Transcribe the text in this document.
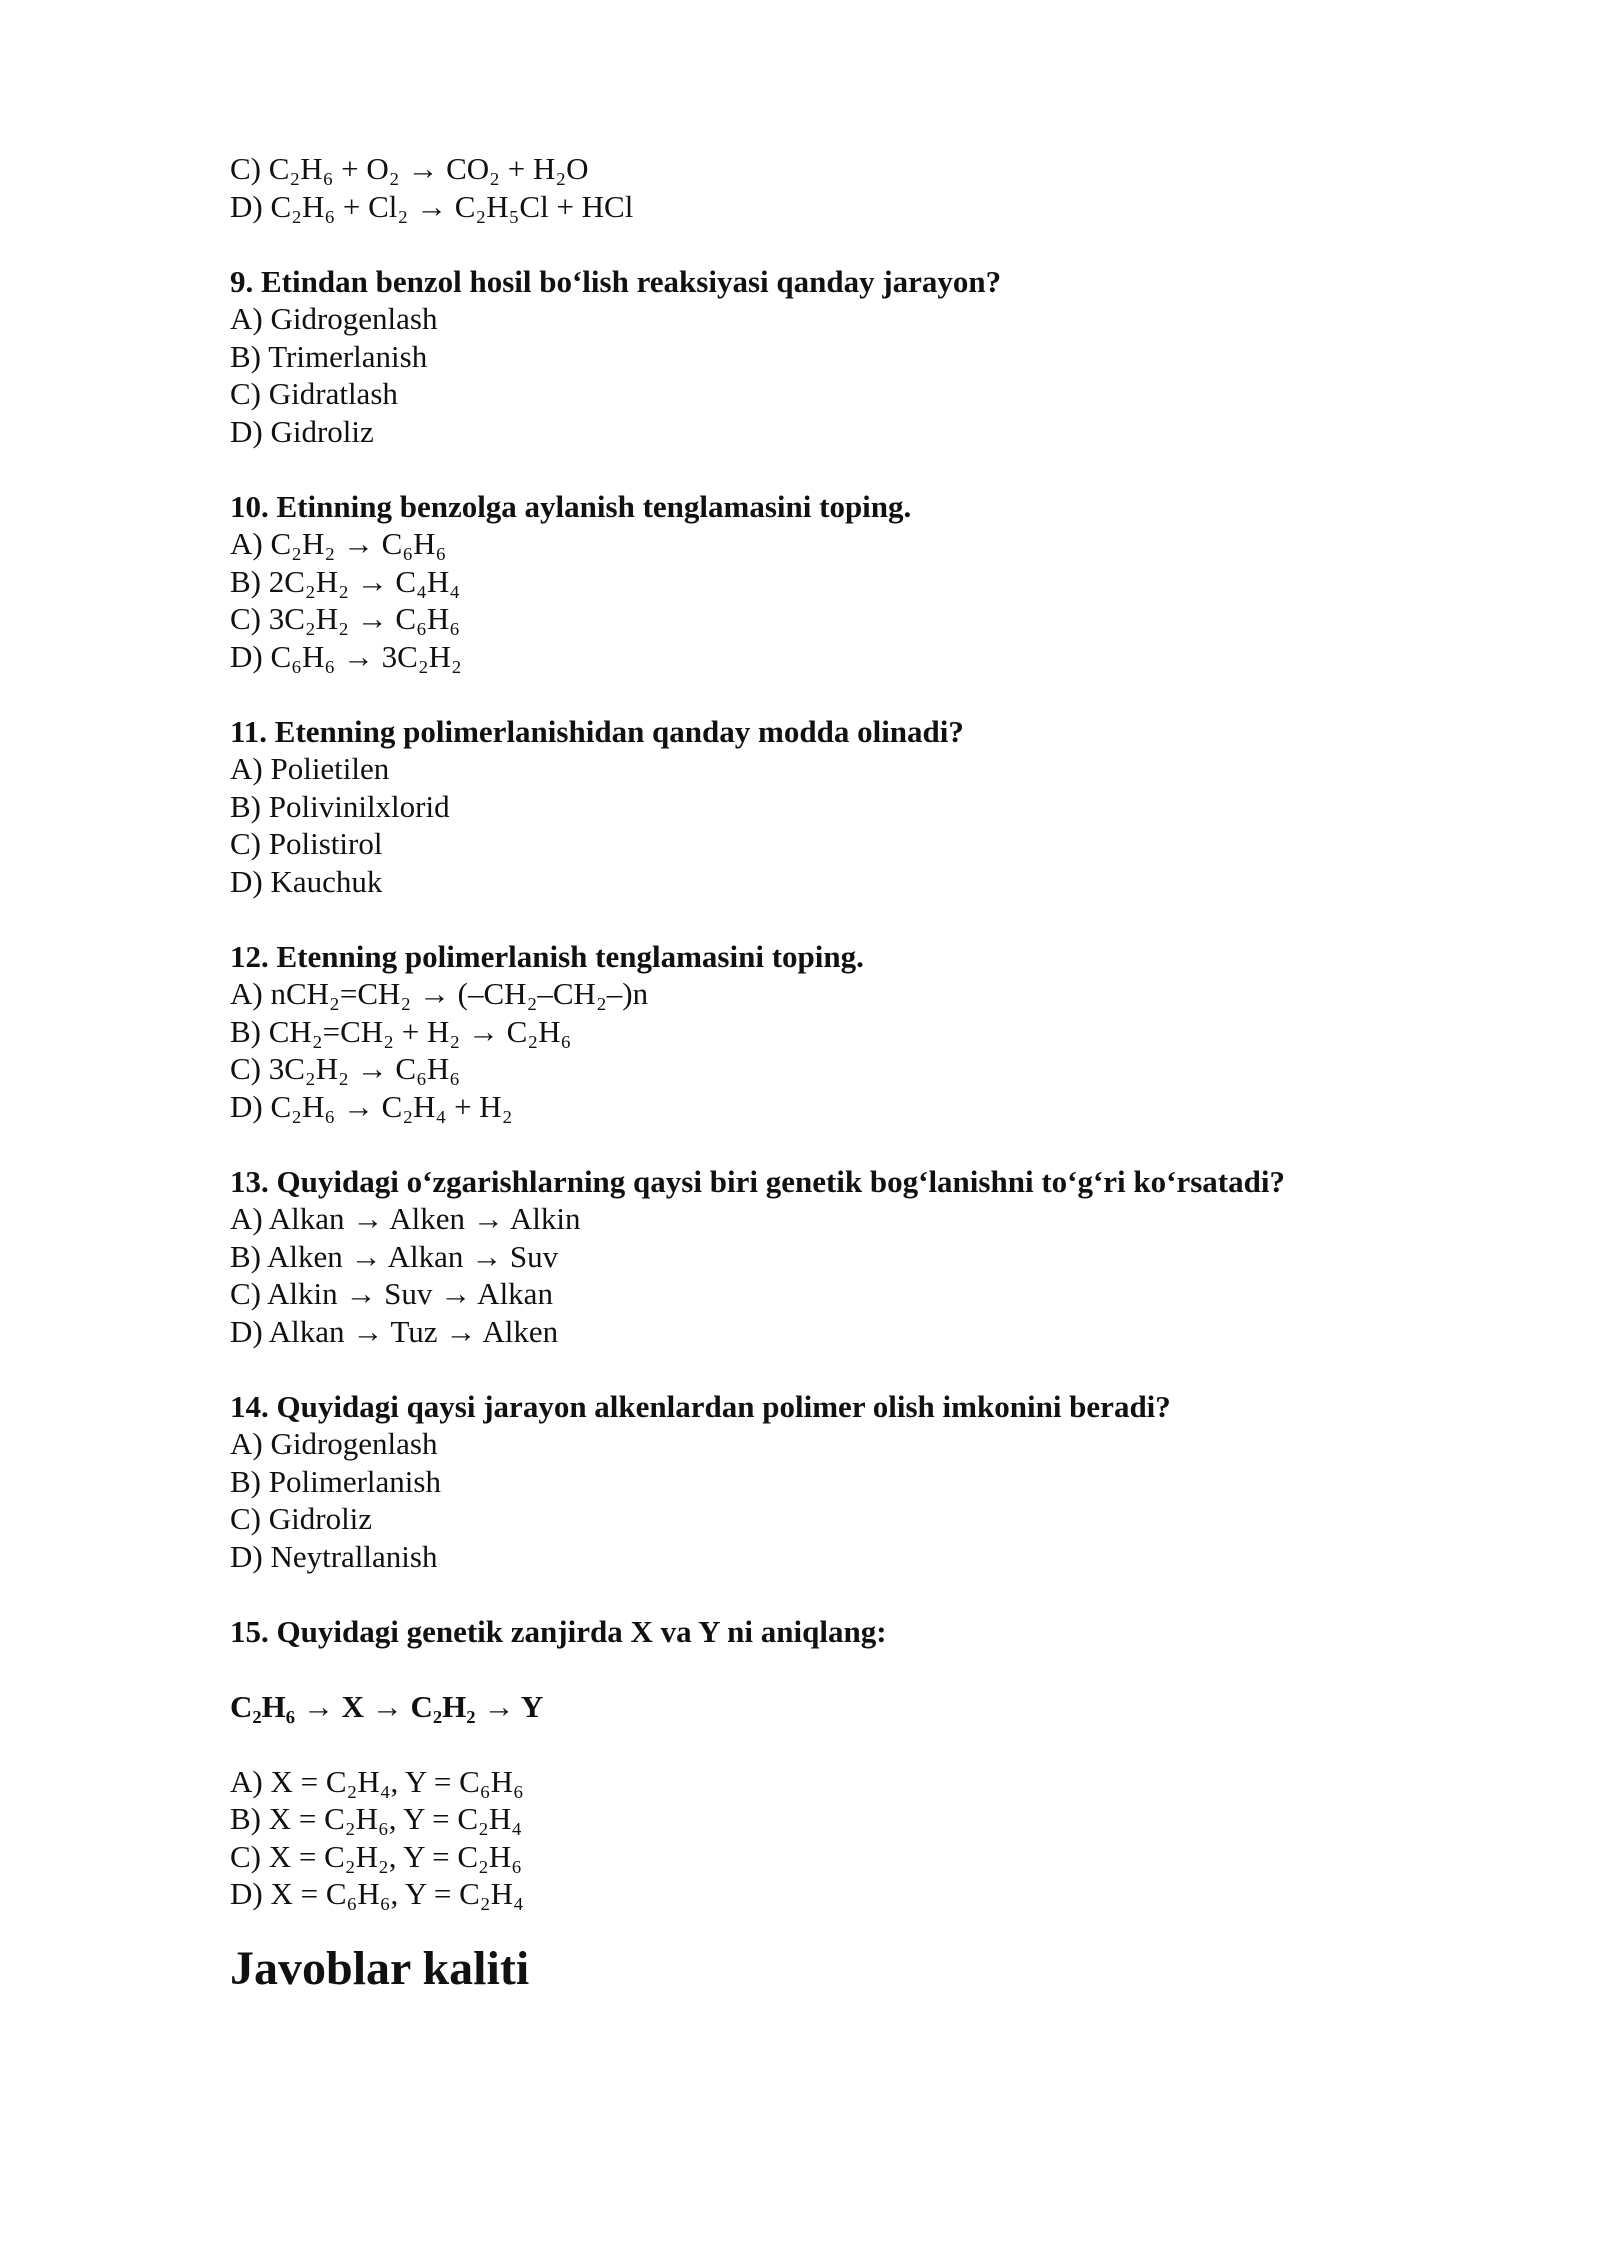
C) C₂H₆ + O₂ → CO₂ + H₂O
D) C₂H₆ + Cl₂ → C₂H₅Cl + HCl
9. Etindan benzol hosil bo‘lish reaksiyasi qanday jarayon?
A) Gidrogenlash
B) Trimerlanish
C) Gidratlash
D) Gidroliz
10. Etinning benzolga aylanish tenglamasini toping.
A) C₂H₂ → C₆H₆
B) 2C₂H₂ → C₄H₄
C) 3C₂H₂ → C₆H₆
D) C₆H₆ → 3C₂H₂
11. Etenning polimerlanishidan qanday modda olinadi?
A) Polietilen
B) Polivinilxlorid
C) Polistirol
D) Kauchuk
12. Etenning polimerlanish tenglamasini toping.
A) nCH₂=CH₂ → (–CH₂–CH₂–)n
B) CH₂=CH₂ + H₂ → C₂H₆
C) 3C₂H₂ → C₆H₆
D) C₂H₆ → C₂H₄ + H₂
13. Quyidagi o‘zgarishlarning qaysi biri genetik bog‘lanishni to‘g‘ri ko‘rsatadi?
A) Alkan → Alken → Alkin
B) Alken → Alkan → Suv
C) Alkin → Suv → Alkan
D) Alkan → Tuz → Alken
14. Quyidagi qaysi jarayon alkenlardan polimer olish imkonini beradi?
A) Gidrogenlash
B) Polimerlanish
C) Gidroliz
D) Neytrallanish
15. Quyidagi genetik zanjirda X va Y ni aniqlang:
C₂H₆ → X → C₂H₂ → Y
A) X = C₂H₄, Y = C₆H₆
B) X = C₂H₆, Y = C₂H₄
C) X = C₂H₂, Y = C₂H₆
D) X = C₆H₆, Y = C₂H₄
Javoblar kaliti
